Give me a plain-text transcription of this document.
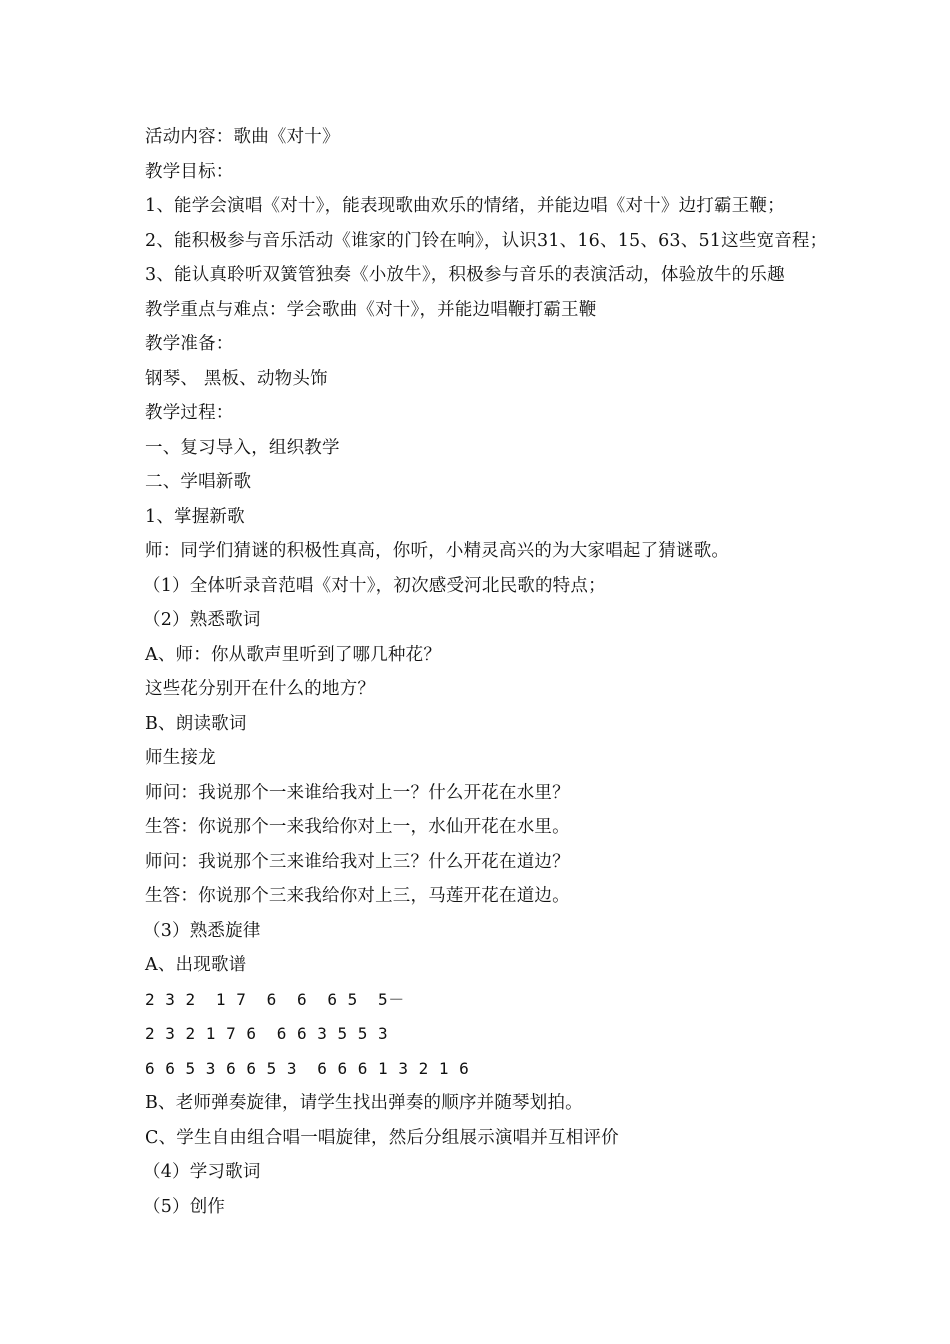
活动内容：歌曲《对十》
教学目标：
1、能学会演唱《对十》，能表现歌曲欢乐的情绪，并能边唱《对十》边打霸王鞭；
2、能积极参与音乐活动《谁家的门铃在响》，认识31、16、15、63、51这些宽音程；
3、能认真聆听双簧管独奏《小放牛》，积极参与音乐的表演活动，体验放牛的乐趣
教学重点与难点：学会歌曲《对十》，并能边唱鞭打霸王鞭
教学准备：
钢琴、 黑板、动物头饰
教学过程：
一、复习导入，组织教学
二、学唱新歌
1、掌握新歌
师：同学们猜谜的积极性真高，你听，小精灵高兴的为大家唱起了猜谜歌。
（1）全体听录音范唱《对十》，初次感受河北民歌的特点；
（2）熟悉歌词
A、师：你从歌声里听到了哪几种花？
这些花分别开在什么的地方？
B、朗读歌词
师生接龙
师问：我说那个一来谁给我对上一？什么开花在水里？
生答：你说那个一来我给你对上一，水仙开花在水里。
师问：我说那个三来谁给我对上三？什么开花在道边？
生答：你说那个三来我给你对上三，马莲开花在道边。
（3）熟悉旋律
A、出现歌谱
2 3 2  1 7  6  6  6 5  5－
2 3 2 1 7 6  6 6 3 5 5 3
6 6 5 3 6 6 5 3  6 6 6 1 3 2 1 6
B、老师弹奏旋律，请学生找出弹奏的顺序并随琴划拍。
C、学生自由组合唱一唱旋律，然后分组展示演唱并互相评价
（4）学习歌词
（5）创作
